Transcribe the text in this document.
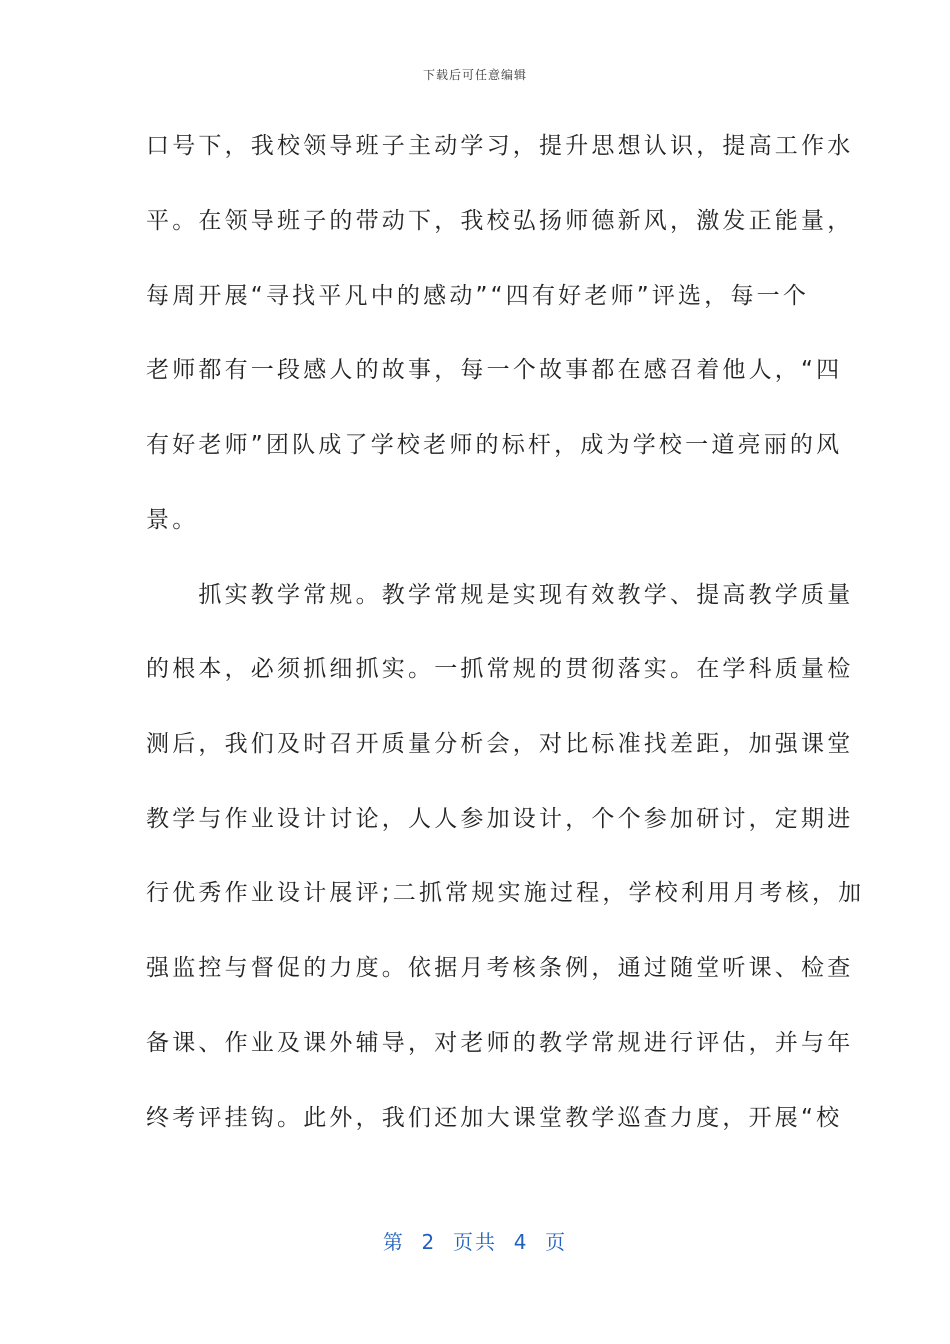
下载后可任意编辑
口号下，我校领导班子主动学习，提升思想认识，提高工作水
平。在领导班子的带动下，我校弘扬师德新风，激发正能量，
每周开展“寻找平凡中的感动”“四有好老师”评选，每一个
老师都有一段感人的故事，每一个故事都在感召着他人，“四
有好老师”团队成了学校老师的标杆，成为学校一道亮丽的风
景。
　　抓实教学常规。教学常规是实现有效教学、提高教学质量
的根本，必须抓细抓实。一抓常规的贯彻落实。在学科质量检
测后，我们及时召开质量分析会，对比标准找差距，加强课堂
教学与作业设计讨论，人人参加设计，个个参加研讨，定期进
行优秀作业设计展评;二抓常规实施过程，学校利用月考核，加
强监控与督促的力度。依据月考核条例，通过随堂听课、检查
备课、作业及课外辅导，对老师的教学常规进行评估，并与年
终考评挂钩。此外，我们还加大课堂教学巡查力度，开展“校
第 2 页共 4 页
